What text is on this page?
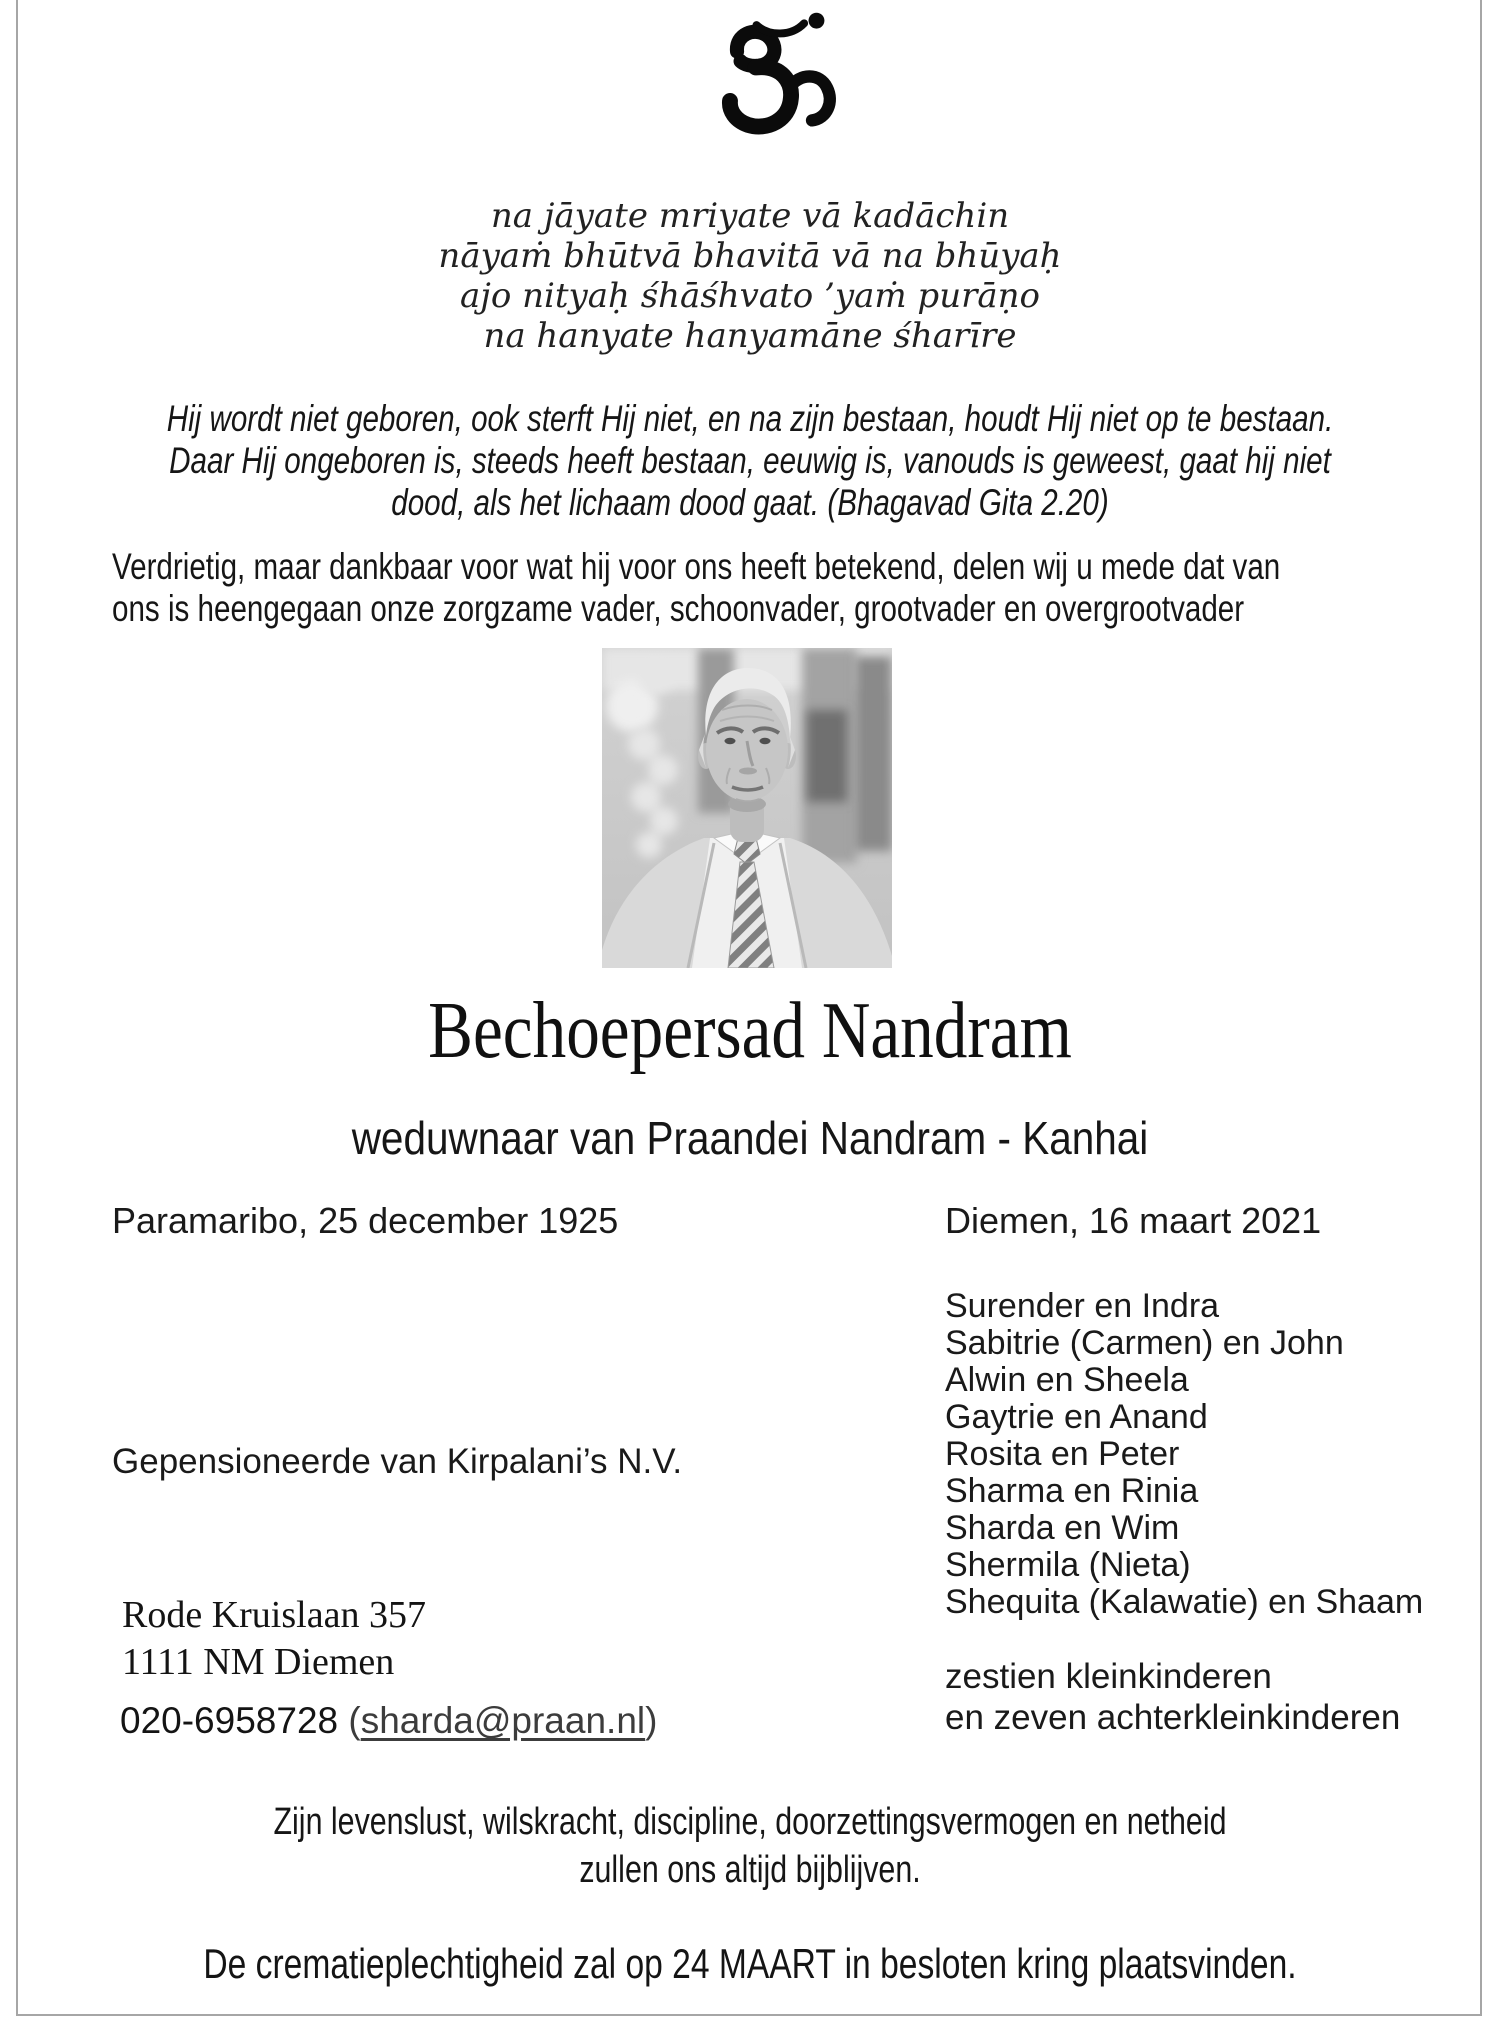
na jāyate mriyate vā kadāchin
nāyaṁ bhūtvā bhavitā vā na bhūyaḥ
ajo nityaḥ śhāśhvato ’yaṁ purāṇo
na hanyate hanyamāne śharīre
Hij wordt niet geboren, ook sterft Hij niet, en na zijn bestaan, houdt Hij niet op te bestaan.
Daar Hij ongeboren is, steeds heeft bestaan, eeuwig is, vanouds is geweest, gaat hij niet
dood, als het lichaam dood gaat. (Bhagavad Gita 2.20)
Verdrietig, maar dankbaar voor wat hij voor ons heeft betekend, delen wij u mede dat van
ons is heengegaan onze zorgzame vader, schoonvader, grootvader en overgrootvader
Bechoepersad Nandram
weduwnaar van Praandei Nandram - Kanhai
Paramaribo, 25 december 1925	Diemen, 16 maart 2021
Surender en Indra
Sabitrie (Carmen) en John
Alwin en Sheela
Gaytrie en Anand
Rosita en Peter
Sharma en Rinia
Sharda en Wim
Shermila (Nieta)
Shequita (Kalawatie) en Shaam
Gepensioneerde van Kirpalani’s N.V.
zestien kleinkinderen
en zeven achterkleinkinderen
Rode Kruislaan 357
1111 NM Diemen
020-6958728 (sharda@praan.nl)
Zijn levenslust, wilskracht, discipline, doorzettingsvermogen en netheid
zullen ons altijd bijblijven.
De crematieplechtigheid zal op 24 MAART in besloten kring plaatsvinden.
